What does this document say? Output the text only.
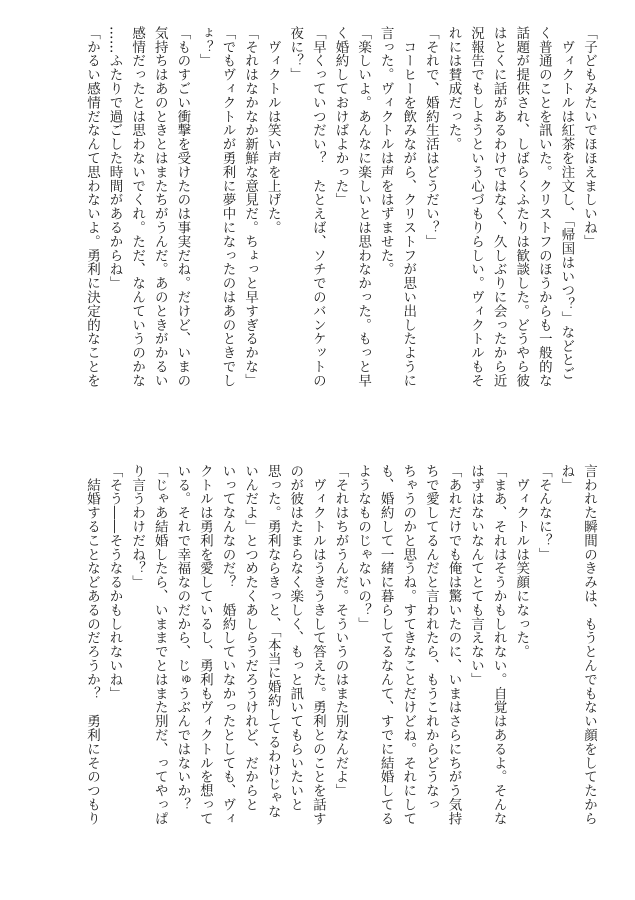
「子どもみたいでほほえましいね」
　ヴィクトルは紅茶を注文し、「帰国はいつ？」などとご
く普通のことを訊いた。クリストフのほうからも一般的な
話題が提供され、しばらくふたりは歓談した。どうやら彼
はとくに話があるわけではなく、久しぶりに会ったから近
況報告でもしようという心づもりらしい。ヴィクトルもそ
れには賛成だった。
「それで、婚約生活はどうだい？」
　コーヒーを飲みながら、クリストフが思い出したように
言った。ヴィクトルは声をはずませた。
「楽しいよ。あんなに楽しいとは思わなかった。もっと早
く婚約しておけばよかった」
「早くっていつだい？　たとえば、ソチでのバンケットの
夜に？」
　ヴィクトルは笑い声を上げた。
「それはなかなか新鮮な意見だ。ちょっと早すぎるかな」
「でもヴィクトルが勇利に夢中になったのはあのときでし
ょ？」
「ものすごい衝撃を受けたのは事実だね。だけど、いまの
気持ちはあのときとはまたちがうんだ。あのときがかるい
感情だったとは思わないでくれ。ただ、なんていうのかな
……ふたりで過ごした時間があるからね」
「かるい感情だなんて思わないよ。勇利に決定的なことを
言われた瞬間のきみは、もうとんでもない顔をしてたから
ね」
「そんなに？」
　ヴィクトルは笑顔になった。
「まあ、それはそうかもしれない。自覚はあるよ。そんな
はずはないなんてとても言えない」
「あれだけでも俺は驚いたのに、いまはさらにちがう気持
ちで愛してるんだと言われたら、もうこれからどうなっ
ちゃうのかと思うね。すてきなことだけどね。それにして
も、婚約して一緒に暮らしてるなんて、すでに結婚してる
ようなものじゃないの？」
「それはちがうんだ。そういうのはまた別なんだよ」
　ヴィクトルはうきうきして答えた。勇利とのことを話す
のが彼はたまらなく楽しく、もっと訊いてもらいたいと
思った。勇利ならきっと、「本当に婚約してるわけじゃな
いんだよ」とつめたくあしらうだろうけれど、だからと
いってなんなのだ？　婚約していなかったとしても、ヴィ
クトルは勇利を愛しているし、勇利もヴィクトルを想って
いる。それで幸福なのだから、じゅうぶんではないか？
「じゃあ結婚したら、いままでとはまた別だ、ってやっぱ
り言うわけだね？」
「そう――そうなるかもしれないね」
　結婚することなどあるのだろうか？　勇利にそのつもり
